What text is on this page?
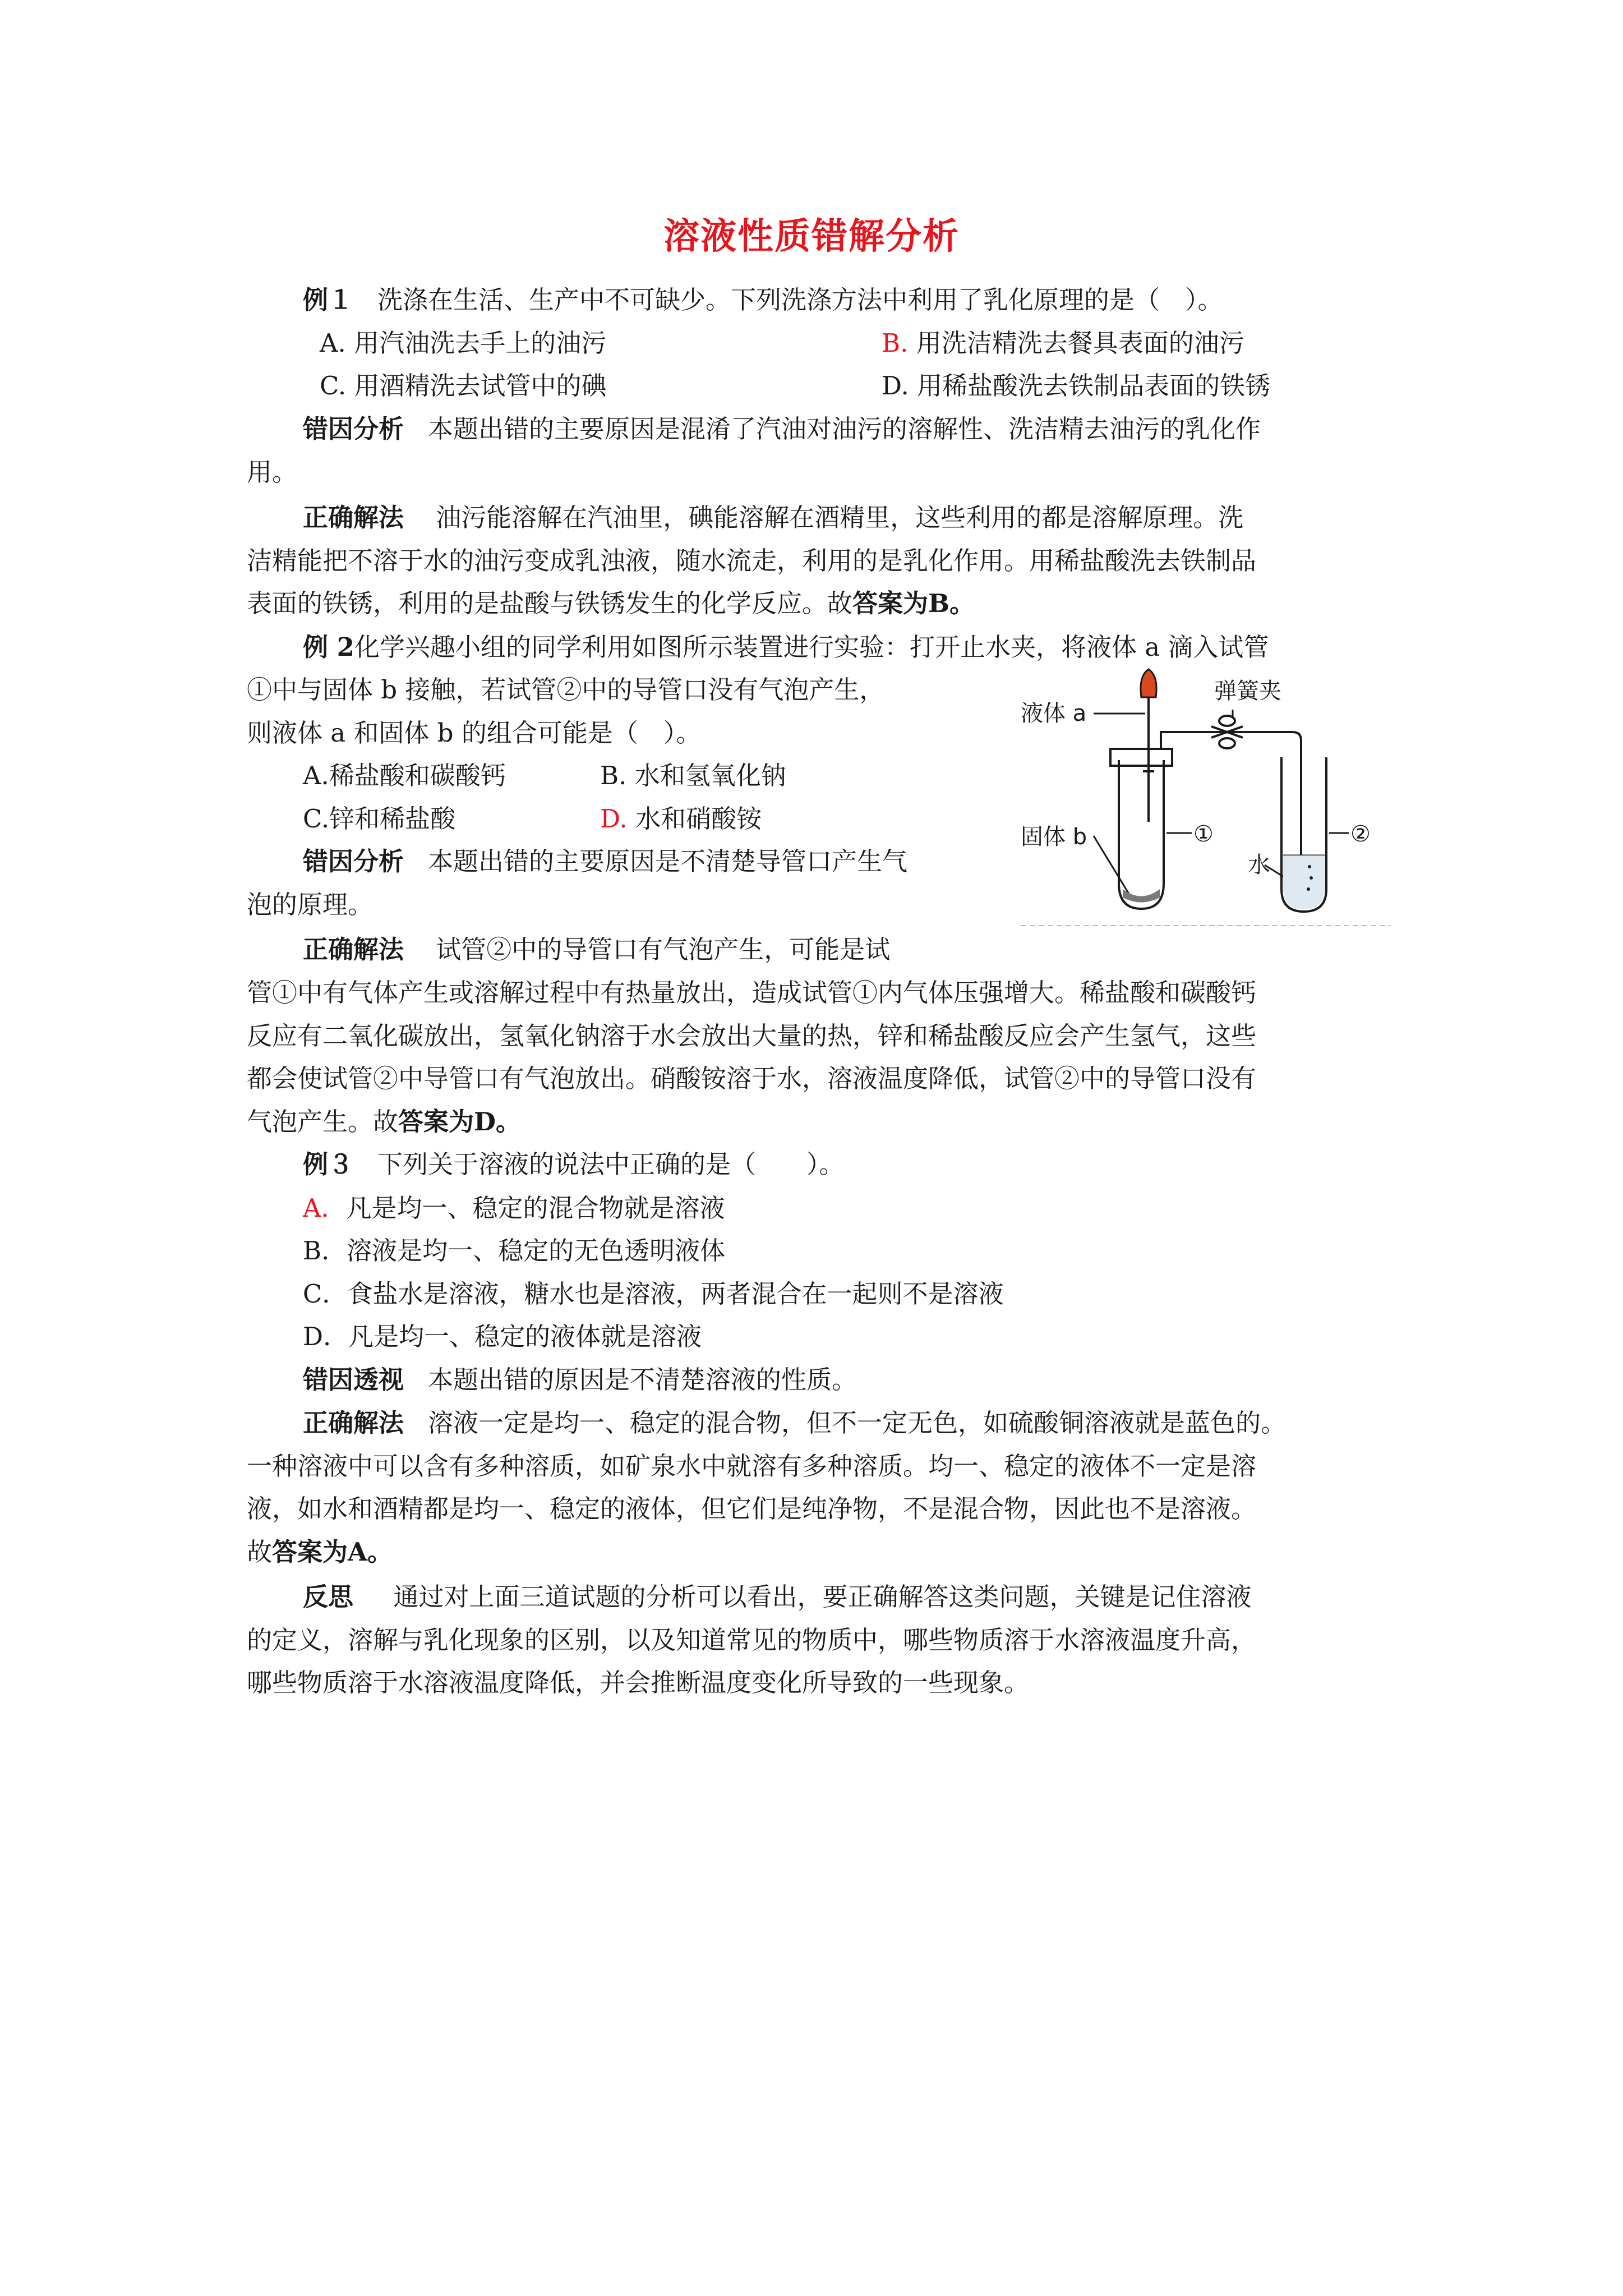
溶液性质错解分析
例１ 洗涤在生活、生产中不可缺少。下列洗涤方法中利用了乳化原理的是（　）。
A. 用汽油洗去手上的油污	B. 用洗洁精洗去餐具表面的油污
C. 用酒精洗去试管中的碘	D. 用稀盐酸洗去铁制品表面的铁锈
错因分析 本题出错的主要原因是混淆了汽油对油污的溶解性、洗洁精去油污的乳化作
用。
正确解法 油污能溶解在汽油里，碘能溶解在酒精里，这些利用的都是溶解原理。洗
洁精能把不溶于水的油污变成乳浊液，随水流走，利用的是乳化作用。用稀盐酸洗去铁制品
表面的铁锈，利用的是盐酸与铁锈发生的化学反应。故答案为B。
例 2化学兴趣小组的同学利用如图所示装置进行实验：打开止水夹，将液体 a 滴入试管
①中与固体 b 接触，若试管②中的导管口没有气泡产生，
则液体 a 和固体 b 的组合可能是（　）。
A.稀盐酸和碳酸钙	B. 水和氢氧化钠
C.锌和稀盐酸	D. 水和硝酸铵
错因分析 本题出错的主要原因是不清楚导管口产生气
泡的原理。
正确解法 试管②中的导管口有气泡产生，可能是试
管①中有气体产生或溶解过程中有热量放出，造成试管①内气体压强增大。稀盐酸和碳酸钙
反应有二氧化碳放出，氢氧化钠溶于水会放出大量的热，锌和稀盐酸反应会产生氢气，这些
都会使试管②中导管口有气泡放出。硝酸铵溶于水，溶液温度降低，试管②中的导管口没有
气泡产生。故答案为D。
弹簧夹
液体 a
固体 b
水
①	②
例３ 下列关于溶液的说法中正确的是（　　）。
A．凡是均一、稳定的混合物就是溶液
B．溶液是均一、稳定的无色透明液体
C．食盐水是溶液，糖水也是溶液，两者混合在一起则不是溶液
D．凡是均一、稳定的液体就是溶液
错因透视 本题出错的原因是不清楚溶液的性质。
正确解法 溶液一定是均一、稳定的混合物，但不一定无色，如硫酸铜溶液就是蓝色的。
一种溶液中可以含有多种溶质，如矿泉水中就溶有多种溶质。均一、稳定的液体不一定是溶
液，如水和酒精都是均一、稳定的液体，但它们是纯净物，不是混合物，因此也不是溶液。
故答案为A。
反思 通过对上面三道试题的分析可以看出，要正确解答这类问题，关键是记住溶液
的定义，溶解与乳化现象的区别，以及知道常见的物质中，哪些物质溶于水溶液温度升高，
哪些物质溶于水溶液温度降低，并会推断温度变化所导致的一些现象。
